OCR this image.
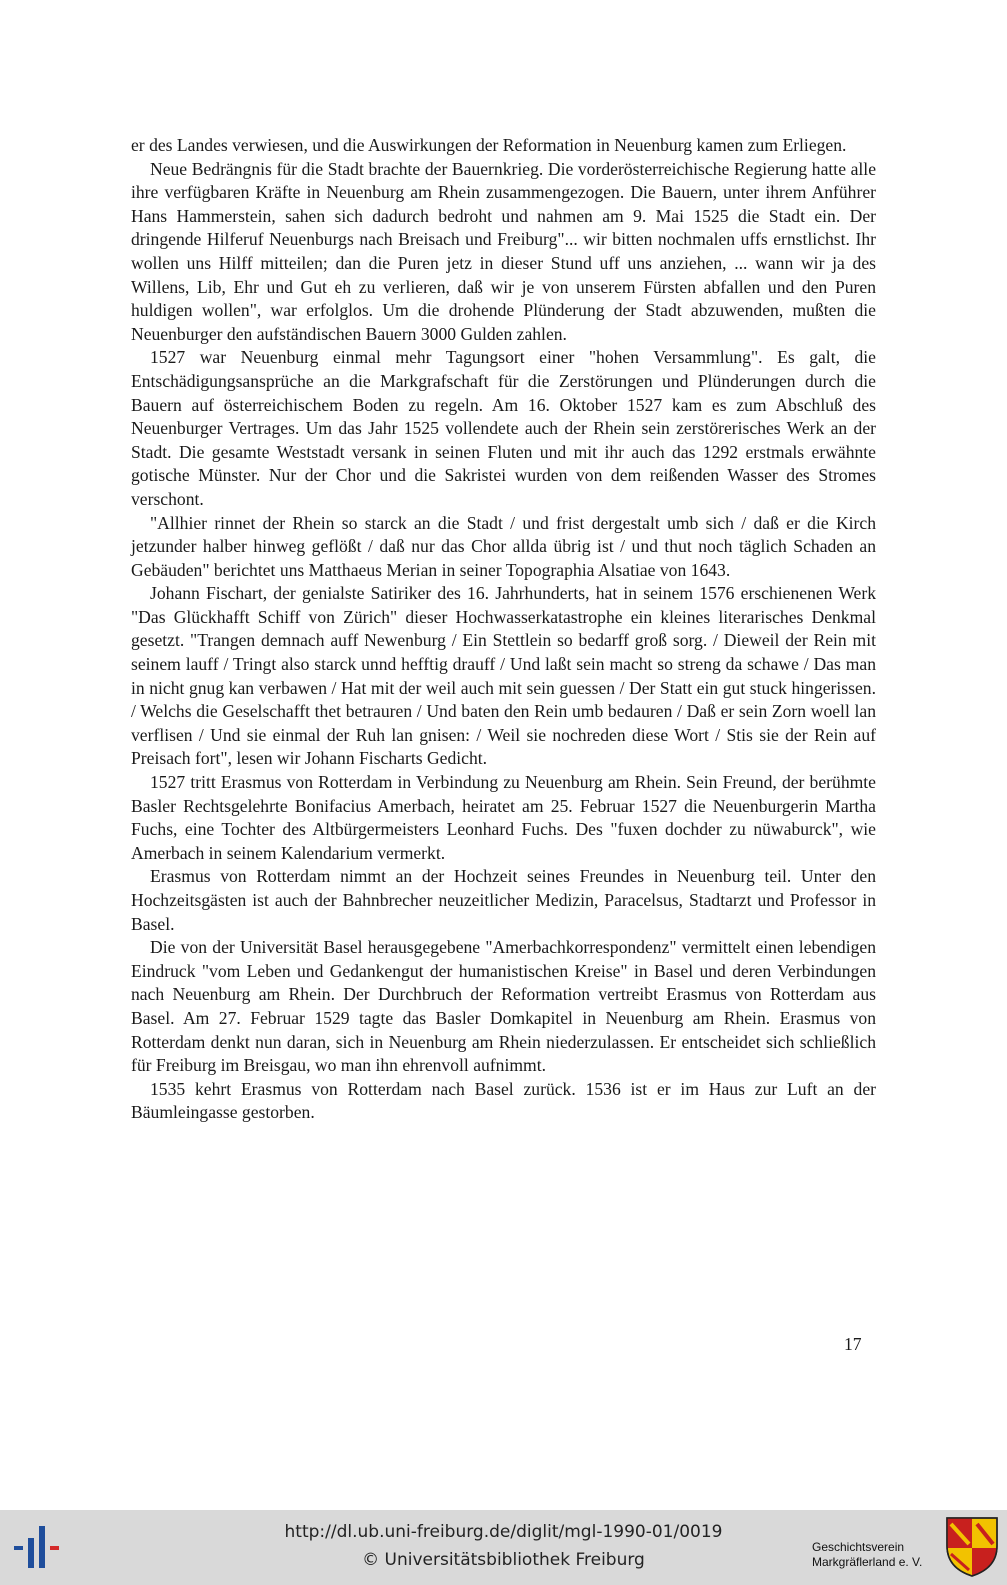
er des Landes verwiesen, und die Auswirkungen der Reformation in Neuenburg kamen zum Erliegen.

Neue Bedrängnis für die Stadt brachte der Bauernkrieg. Die vorderösterreichische Regierung hatte alle ihre verfügbaren Kräfte in Neuenburg am Rhein zusammengezogen. Die Bauern, unter ihrem Anführer Hans Hammerstein, sahen sich dadurch bedroht und nahmen am 9. Mai 1525 die Stadt ein. Der dringende Hilferuf Neuenburgs nach Breisach und Freiburg"... wir bitten nochmalen uffs ernstlichst. Ihr wollen uns Hilff mitteilen; dan die Puren jetz in dieser Stund uff uns anziehen, ... wann wir ja des Willens, Lib, Ehr und Gut eh zu verlieren, daß wir je von unserem Fürsten abfallen und den Puren huldigen wollen", war erfolglos. Um die drohende Plünderung der Stadt abzuwenden, mußten die Neuenburger den aufständischen Bauern 3000 Gulden zahlen.

1527 war Neuenburg einmal mehr Tagungsort einer "hohen Versammlung". Es galt, die Entschädigungsansprüche an die Markgrafschaft für die Zerstörungen und Plünderungen durch die Bauern auf österreichischem Boden zu regeln. Am 16. Oktober 1527 kam es zum Abschluß des Neuenburger Vertrages. Um das Jahr 1525 vollendete auch der Rhein sein zerstörerisches Werk an der Stadt. Die gesamte Weststadt versank in seinen Fluten und mit ihr auch das 1292 erstmals erwähnte gotische Münster. Nur der Chor und die Sakristei wurden von dem reißenden Wasser des Stromes verschont.

"Allhier rinnet der Rhein so starck an die Stadt / und frist dergestalt umb sich / daß er die Kirch jetzunder halber hinweg geflößt / daß nur das Chor allda übrig ist / und thut noch täglich Schaden an Gebäuden" berichtet uns Matthaeus Merian in seiner Topographia Alsatiae von 1643.

Johann Fischart, der genialste Satiriker des 16. Jahrhunderts, hat in seinem 1576 erschienenen Werk "Das Glückhafft Schiff von Zürich" dieser Hochwasserkatastrophe ein kleines literarisches Denkmal gesetzt. "Trangen demnach auff Newenburg / Ein Stettlein so bedarff groß sorg. / Dieweil der Rein mit seinem lauff / Tringt also starck unnd hefftig drauff / Und laßt sein macht so streng da schawe / Das man in nicht gnug kan verbawen / Hat mit der weil auch mit sein guessen / Der Statt ein gut stuck hingerissen. / Welchs die Geselschafft thet betrauren / Und baten den Rein umb bedauren / Daß er sein Zorn woell lan verflisen / Und sie einmal der Ruh lan gnisen: / Weil sie nochreden diese Wort / Stis sie der Rein auf Preisach fort", lesen wir Johann Fischarts Gedicht.

1527 tritt Erasmus von Rotterdam in Verbindung zu Neuenburg am Rhein. Sein Freund, der berühmte Basler Rechtsgelehrte Bonifacius Amerbach, heiratet am 25. Februar 1527 die Neuenburgerin Martha Fuchs, eine Tochter des Altbürgermeisters Leonhard Fuchs. Des "fuxen dochder zu nüwaburck", wie Amerbach in seinem Kalendarium vermerkt.

Erasmus von Rotterdam nimmt an der Hochzeit seines Freundes in Neuenburg teil. Unter den Hochzeitsgästen ist auch der Bahnbrecher neuzeitlicher Medizin, Paracelsus, Stadtarzt und Professor in Basel.

Die von der Universität Basel herausgegebene "Amerbachkorrespondenz" vermittelt einen lebendigen Eindruck "vom Leben und Gedankengut der humanistischen Kreise" in Basel und deren Verbindungen nach Neuenburg am Rhein. Der Durchbruch der Reformation vertreibt Erasmus von Rotterdam aus Basel. Am 27. Februar 1529 tagte das Basler Domkapitel in Neuenburg am Rhein. Erasmus von Rotterdam denkt nun daran, sich in Neuenburg am Rhein niederzulassen. Er entscheidet sich schließlich für Freiburg im Breisgau, wo man ihn ehrenvoll aufnimmt.

1535 kehrt Erasmus von Rotterdam nach Basel zurück. 1536 ist er im Haus zur Luft an der Bäumleingasse gestorben.

17
http://dl.ub.uni-freiburg.de/diglit/mgl-1990-01/0019
© Universitätsbibliothek Freiburg
Geschichtsverein
Markgräflerland e. V.
